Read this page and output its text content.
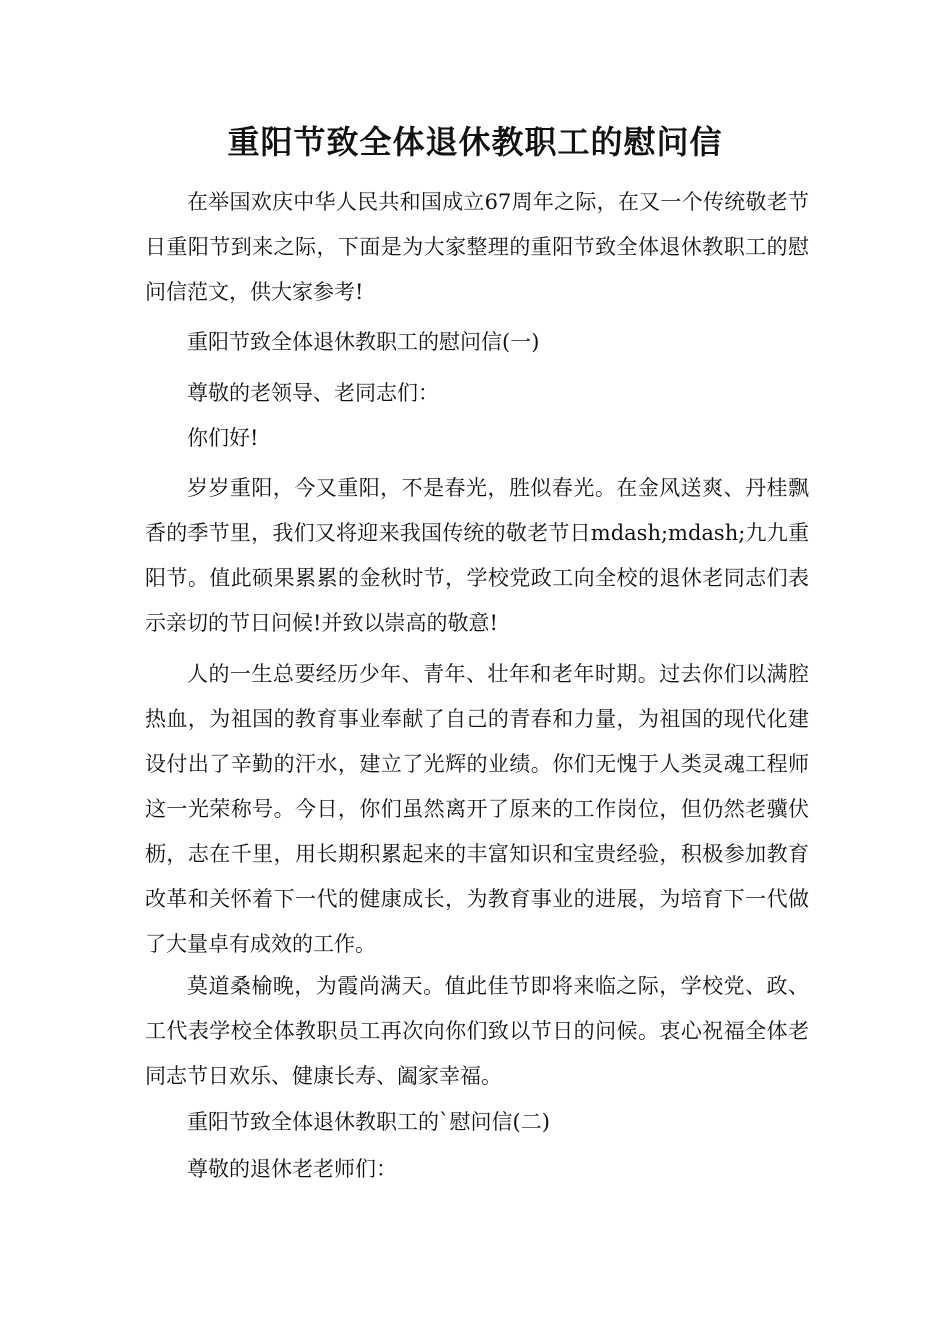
重阳节致全体退休教职工的慰问信

在举国欢庆中华人民共和国成立67周年之际，在又一个传统敬老节日重阳节到来之际，下面是为大家整理的重阳节致全体退休教职工的慰问信范文，供大家参考!

重阳节致全体退休教职工的慰问信(一)

尊敬的老领导、老同志们：

你们好!

岁岁重阳，今又重阳，不是春光，胜似春光。在金风送爽、丹桂飘香的季节里，我们又将迎来我国传统的敬老节日mdash;mdash;九九重阳节。值此硕果累累的金秋时节，学校党政工向全校的退休老同志们表示亲切的节日问候!并致以崇高的敬意!

人的一生总要经历少年、青年、壮年和老年时期。过去你们以满腔热血，为祖国的教育事业奉献了自己的青春和力量，为祖国的现代化建设付出了辛勤的汗水，建立了光辉的业绩。你们无愧于人类灵魂工程师这一光荣称号。今日，你们虽然离开了原来的工作岗位，但仍然老骥伏枥，志在千里，用长期积累起来的丰富知识和宝贵经验，积极参加教育改革和关怀着下一代的健康成长，为教育事业的进展，为培育下一代做了大量卓有成效的工作。

莫道桑榆晚，为霞尚满天。值此佳节即将来临之际，学校党、政、工代表学校全体教职员工再次向你们致以节日的问候。衷心祝福全体老同志节日欢乐、健康长寿、阖家幸福。

重阳节致全体退休教职工的`慰问信(二)

尊敬的退休老老师们：
